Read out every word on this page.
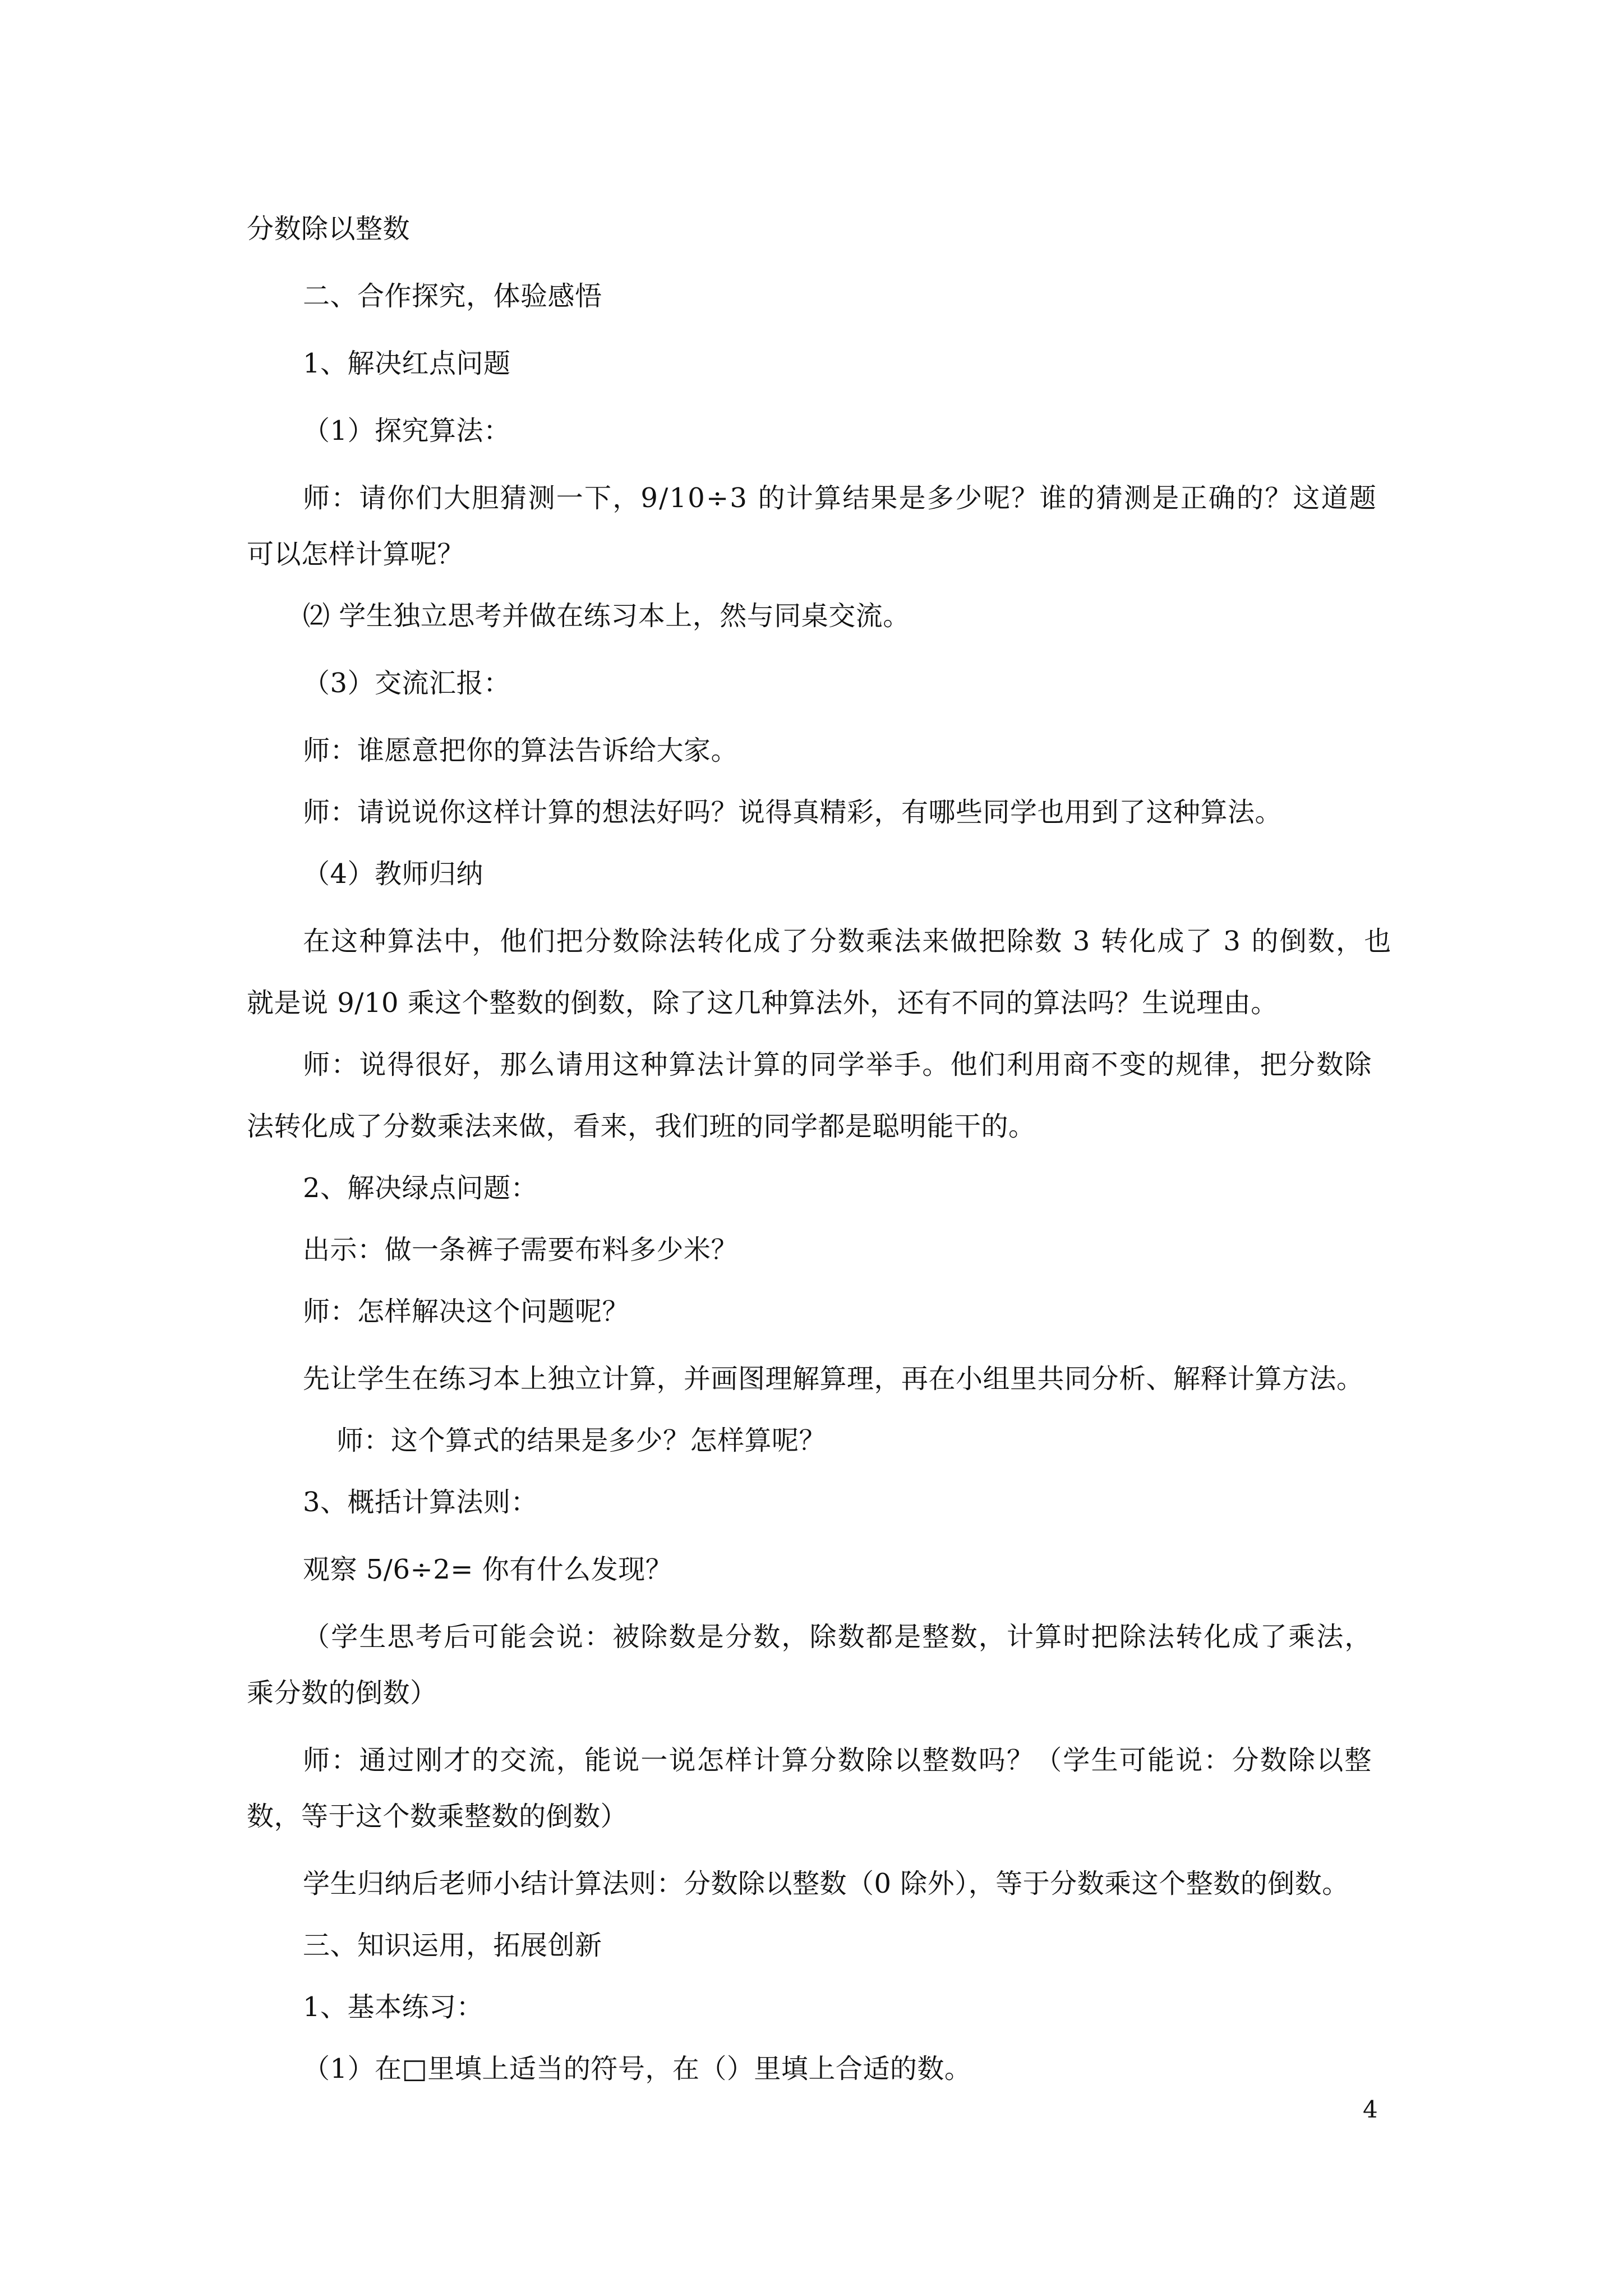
分数除以整数
二、合作探究，体验感悟
1、解决红点问题
（1）探究算法：
师：请你们大胆猜测一下，9/10÷3 的计算结果是多少呢？谁的猜测是正确的？这道题
可以怎样计算呢？
⑵ 学生独立思考并做在练习本上，然与同桌交流。
（3）交流汇报：
师：谁愿意把你的算法告诉给大家。
师：请说说你这样计算的想法好吗？说得真精彩，有哪些同学也用到了这种算法。
（4）教师归纳
在这种算法中，他们把分数除法转化成了分数乘法来做把除数 3 转化成了 3 的倒数，也
就是说 9/10 乘这个整数的倒数，除了这几种算法外，还有不同的算法吗？生说理由。
师：说得很好，那么请用这种算法计算的同学举手。他们利用商不变的规律，把分数除
法转化成了分数乘法来做，看来，我们班的同学都是聪明能干的。
2、解决绿点问题：
出示：做一条裤子需要布料多少米？
师：怎样解决这个问题呢？
先让学生在练习本上独立计算，并画图理解算理，再在小组里共同分析、解释计算方法。
师：这个算式的结果是多少？怎样算呢？
3、概括计算法则：
观察 5/6÷2= 你有什么发现？
（学生思考后可能会说：被除数是分数，除数都是整数，计算时把除法转化成了乘法，
乘分数的倒数）
师：通过刚才的交流，能说一说怎样计算分数除以整数吗？（学生可能说：分数除以整
数，等于这个数乘整数的倒数）
学生归纳后老师小结计算法则：分数除以整数（0 除外），等于分数乘这个整数的倒数。
三、知识运用，拓展创新
1、基本练习：
（1）在□里填上适当的符号，在（）里填上合适的数。
4
